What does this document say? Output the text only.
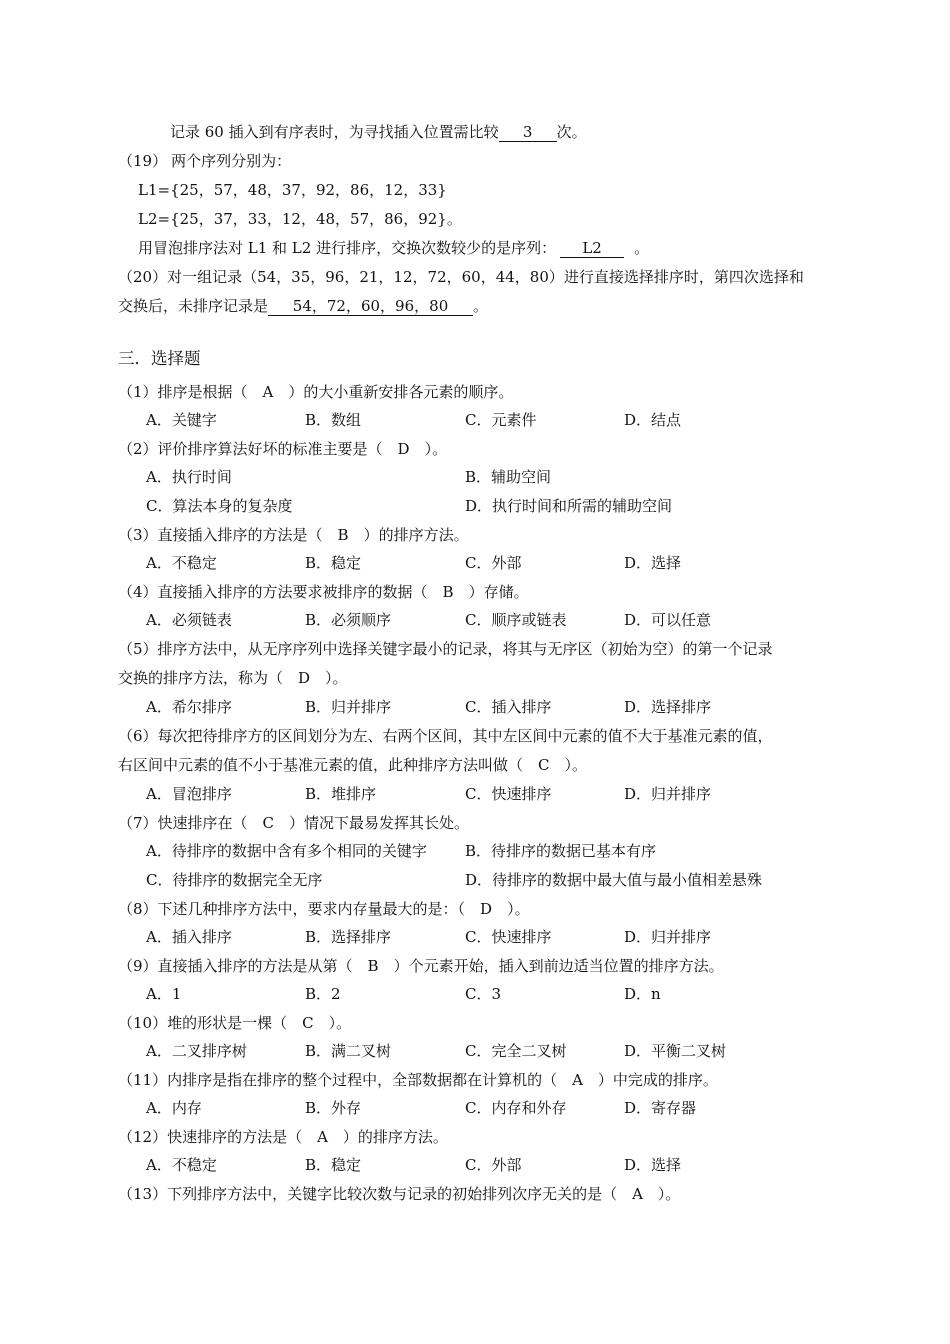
记录 60 插入到有序表时，为寻找插入位置需比较 3 次。
（19） 两个序列分别为：
L1={25，57，48，37，92，86，12，33}
L2={25，37，33，12，48，57，86，92}。
用冒泡排序法对 L1 和 L2 进行排序，交换次数较少的是序列： L2 。
（20）对一组记录（54，35，96，21，12，72，60，44，80）进行直接选择排序时，第四次选择和
交换后，未排序记录是 54，72，60，96，80 。
三．选择题
（1）排序是根据（　A　）的大小重新安排各元素的顺序。
A．关键字	B．数组	C．元素件	D．结点
（2）评价排序算法好坏的标准主要是（　D　）。
A．执行时间	B．辅助空间
C．算法本身的复杂度	D．执行时间和所需的辅助空间
（3）直接插入排序的方法是（　B　）的排序方法。
A．不稳定	B．稳定	C．外部	D．选择
（4）直接插入排序的方法要求被排序的数据（　B　）存储。
A．必须链表	B．必须顺序	C．顺序或链表	D．可以任意
（5）排序方法中，从无序序列中选择关键字最小的记录，将其与无序区（初始为空）的第一个记录
交换的排序方法，称为（　D　）。
A．希尔排序	B．归并排序	C．插入排序	D．选择排序
（6）每次把待排序方的区间划分为左、右两个区间，其中左区间中元素的值不大于基准元素的值，
右区间中元素的值不小于基准元素的值，此种排序方法叫做（　C　）。
A．冒泡排序	B．堆排序	C．快速排序	D．归并排序
（7）快速排序在（　C　）情况下最易发挥其长处。
A．待排序的数据中含有多个相同的关键字	B．待排序的数据已基本有序
C．待排序的数据完全无序	D．待排序的数据中最大值与最小值相差悬殊
（8）下述几种排序方法中，要求内存量最大的是：（　D　）。
A．插入排序	B．选择排序	C．快速排序	D．归并排序
（9）直接插入排序的方法是从第（　B　）个元素开始，插入到前边适当位置的排序方法。
A．1	B．2	C．3	D．n
（10）堆的形状是一棵（　C　）。
A．二叉排序树	B．满二叉树	C．完全二叉树	D．平衡二叉树
（11）内排序是指在排序的整个过程中，全部数据都在计算机的（　A　）中完成的排序。
A．内存	B．外存	C．内存和外存	D．寄存器
（12）快速排序的方法是（　A　）的排序方法。
A．不稳定	B．稳定	C．外部	D．选择
（13）下列排序方法中，关键字比较次数与记录的初始排列次序无关的是（　A　）。
